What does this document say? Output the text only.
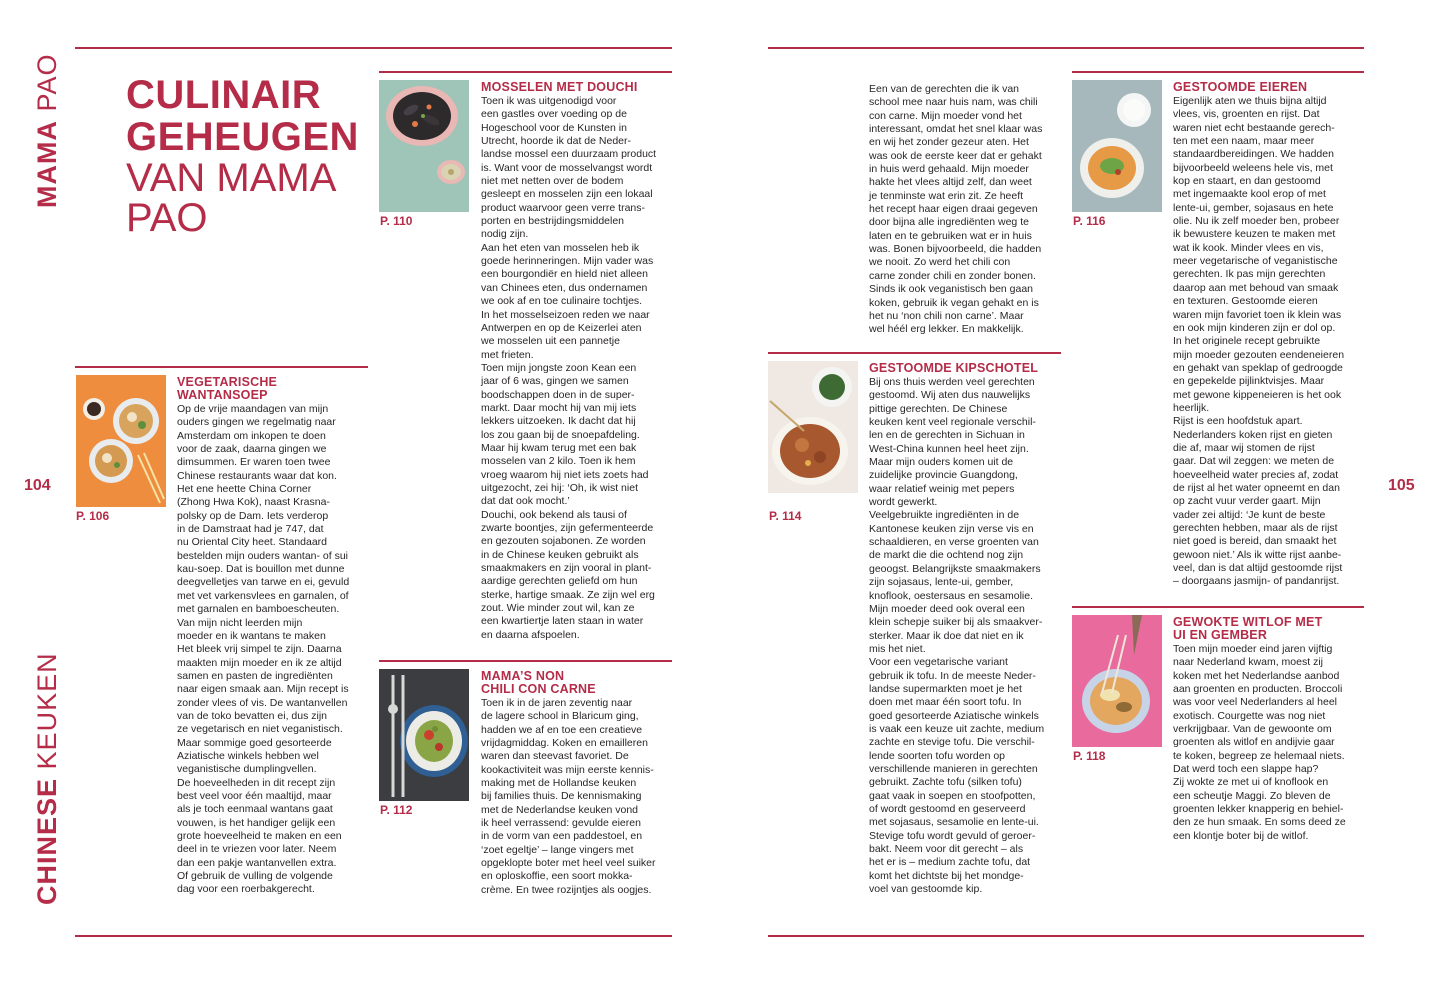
MAMA PAO
CHINESE KEUKEN
104	105
CULINAIR
GEHEUGEN
VAN MAMA
PAO	P. 110
MOSSELEN MET DOUCHI

Toen ik was uitgenodigd voor
een gastles over voeding op de
Hogeschool voor de Kunsten in
Utrecht, hoorde ik dat de Neder-
landse mossel een duurzaam product
is. Want voor de mosselvangst wordt
niet met netten over de bodem
gesleept en mosselen zijn een lokaal
product waarvoor geen verre trans-
porten en bestrijdingsmiddelen
nodig zijn.
Aan het eten van mosselen heb ik
goede herinneringen. Mijn vader was
een bourgondiër en hield niet alleen
van Chinees eten, dus ondernamen
we ook af en toe culinaire tochtjes.
In het mosselseizoen reden we naar
Antwerpen en op de Keizerlei aten
we mosselen uit een pannetje
met frieten.
Toen mijn jongste zoon Kean een
jaar of 6 was, gingen we samen
boodschappen doen in de super-
markt. Daar mocht hij van mij iets
lekkers uitzoeken. Ik dacht dat hij
los zou gaan bij de snoepafdeling.
Maar hij kwam terug met een bak
mosselen van 2 kilo. Toen ik hem
vroeg waarom hij niet iets zoets had
uitgezocht, zei hij: ‘Oh, ik wist niet
dat dat ook mocht.’
Douchi, ook bekend als tausi of
zwarte boontjes, zijn gefermenteerde
en gezouten sojabonen. Ze worden
in de Chinese keuken gebruikt als
smaakmakers en zijn vooral in plant-
aardige gerechten geliefd om hun
sterke, hartige smaak. Ze zijn wel erg
zout. Wie minder zout wil, kan ze
een kwartiertje laten staan in water
en daarna afspoelen.

P. 106
VEGETARISCHE
WANTANSOEP

Op de vrije maandagen van mijn
ouders gingen we regelmatig naar
Amsterdam om inkopen te doen
voor de zaak, daarna gingen we
dimsummen. Er waren toen twee
Chinese restaurants waar dat kon.
Het ene heette China Corner
(Zhong Hwa Kok), naast Krasna-
polsky op de Dam. Iets verderop
in de Damstraat had je 747, dat
nu Oriental City heet. Standaard
bestelden mijn ouders wantan- of sui
kau-soep. Dat is bouillon met dunne
deegvelletjes van tarwe en ei, gevuld
met vet varkensvlees en garnalen, of
met garnalen en bamboescheuten.
Van mijn nicht leerden mijn
moeder en ik wantans te maken
Het bleek vrij simpel te zijn. Daarna
maakten mijn moeder en ik ze altijd
samen en pasten de ingrediënten
naar eigen smaak aan. Mijn recept is
zonder vlees of vis. De wantanvellen
van de toko bevatten ei, dus zijn
ze vegetarisch en niet veganistisch.
Maar sommige goed gesorteerde
Aziatische winkels hebben wel
veganistische dumplingvellen.
De hoeveelheden in dit recept zijn
best veel voor één maaltijd, maar
als je toch eenmaal wantans gaat
vouwen, is het handiger gelijk een
grote hoeveelheid te maken en een
deel in te vriezen voor later. Neem
dan een pakje wantanvellen extra.
Of gebruik de vulling de volgende
dag voor een roerbakgerecht.

P. 112
MAMA’S NON
CHILI CON CARNE

Toen ik in de jaren zeventig naar
de lagere school in Blaricum ging,
hadden we af en toe een creatieve
vrijdagmiddag. Koken en emailleren
waren dan steevast favoriet. De
kookactiviteit was mijn eerste kennis-
making met de Hollandse keuken
bij families thuis. De kennismaking
met de Nederlandse keuken vond
ik heel verrassend: gevulde eieren
in de vorm van een paddestoel, en
‘zoet egeltje’ – lange vingers met
opgeklopte boter met heel veel suiker
en oploskoffie, een soort mokka-
crème. En twee rozijntjes als oogjes.

Een van de gerechten die ik van
school mee naar huis nam, was chili
con carne. Mijn moeder vond het
interessant, omdat het snel klaar was
en wij het zonder gezeur aten. Het
was ook de eerste keer dat er gehakt
in huis werd gehaald. Mijn moeder
hakte het vlees altijd zelf, dan weet
je tenminste wat erin zit. Ze heeft
het recept haar eigen draai gegeven
door bijna alle ingrediënten weg te
laten en te gebruiken wat er in huis
was. Bonen bijvoorbeeld, die hadden
we nooit. Zo werd het chili con
carne zonder chili en zonder bonen.
Sinds ik ook veganistisch ben gaan
koken, gebruik ik vegan gehakt en is
het nu ‘non chili non carne’. Maar
wel héél erg lekker. En makkelijk.

P. 114
GESTOOMDE KIPSCHOTEL

Bij ons thuis werden veel gerechten
gestoomd. Wij aten dus nauwelijks
pittige gerechten. De Chinese
keuken kent veel regionale verschil-
len en de gerechten in Sichuan in
West-China kunnen heel heet zijn.
Maar mijn ouders komen uit de
zuidelijke provincie Guangdong,
waar relatief weinig met pepers
wordt gewerkt.
Veelgebruikte ingrediënten in de
Kantonese keuken zijn verse vis en
schaaldieren, en verse groenten van
de markt die die ochtend nog zijn
geoogst. Belangrijkste smaakmakers
zijn sojasaus, lente-ui, gember,
knoflook, oestersaus en sesamolie.
Mijn moeder deed ook overal een
klein schepje suiker bij als smaakver-
sterker. Maar ik doe dat niet en ik
mis het niet.
Voor een vegetarische variant
gebruik ik tofu. In de meeste Neder-
landse supermarkten moet je het
doen met maar één soort tofu. In
goed gesorteerde Aziatische winkels
is vaak een keuze uit zachte, medium
zachte en stevige tofu. Die verschil-
lende soorten tofu worden op
verschillende manieren in gerechten
gebruikt. Zachte tofu (silken tofu)
gaat vaak in soepen en stoofpotten,
of wordt gestoomd en geserveerd
met sojasaus, sesamolie en lente-ui.
Stevige tofu wordt gevuld of geroer-
bakt. Neem voor dit gerecht – als
het er is – medium zachte tofu, dat
komt het dichtste bij het mondge-
voel van gestoomde kip.

P. 116
GESTOOMDE EIEREN

Eigenlijk aten we thuis bijna altijd
vlees, vis, groenten en rijst. Dat
waren niet echt bestaande gerech-
ten met een naam, maar meer
standaardbereidingen. We hadden
bijvoorbeeld weleens hele vis, met
kop en staart, en dan gestoomd
met ingemaakte kool erop of met
lente-ui, gember, sojasaus en hete
olie. Nu ik zelf moeder ben, probeer
ik bewustere keuzen te maken met
wat ik kook. Minder vlees en vis,
meer vegetarische of veganistische
gerechten. Ik pas mijn gerechten
daarop aan met behoud van smaak
en texturen. Gestoomde eieren
waren mijn favoriet toen ik klein was
en ook mijn kinderen zijn er dol op.
In het originele recept gebruikte
mijn moeder gezouten eendeneieren
en gehakt van speklap of gedroogde
en gepekelde pijlinktvisjes. Maar
met gewone kippeneieren is het ook
heerlijk.
Rijst is een hoofdstuk apart.
Nederlanders koken rijst en gieten
die af, maar wij stomen de rijst
gaar. Dat wil zeggen: we meten de
hoeveelheid water precies af, zodat
de rijst al het water opneemt en dan
op zacht vuur verder gaart. Mijn
vader zei altijd: ‘Je kunt de beste
gerechten hebben, maar als de rijst
niet goed is bereid, dan smaakt het
gewoon niet.’ Als ik witte rijst aanbe-
veel, dan is dat altijd gestoomde rijst
– doorgaans jasmijn- of pandanrijst.

P. 118
GEWOKTE WITLOF MET
UI EN GEMBER

Toen mijn moeder eind jaren vijftig
naar Nederland kwam, moest zij
koken met het Nederlandse aanbod
aan groenten en producten. Broccoli
was voor veel Nederlanders al heel
exotisch. Courgette was nog niet
verkrijgbaar. Van de gewoonte om
groenten als witlof en andijvie gaar
te koken, begreep ze helemaal niets.
Dat werd toch een slappe hap?
Zij wokte ze met ui of knoflook en
een scheutje Maggi. Zo bleven de
groenten lekker knapperig en behiel-
den ze hun smaak. En soms deed ze
een klontje boter bij de witlof.
